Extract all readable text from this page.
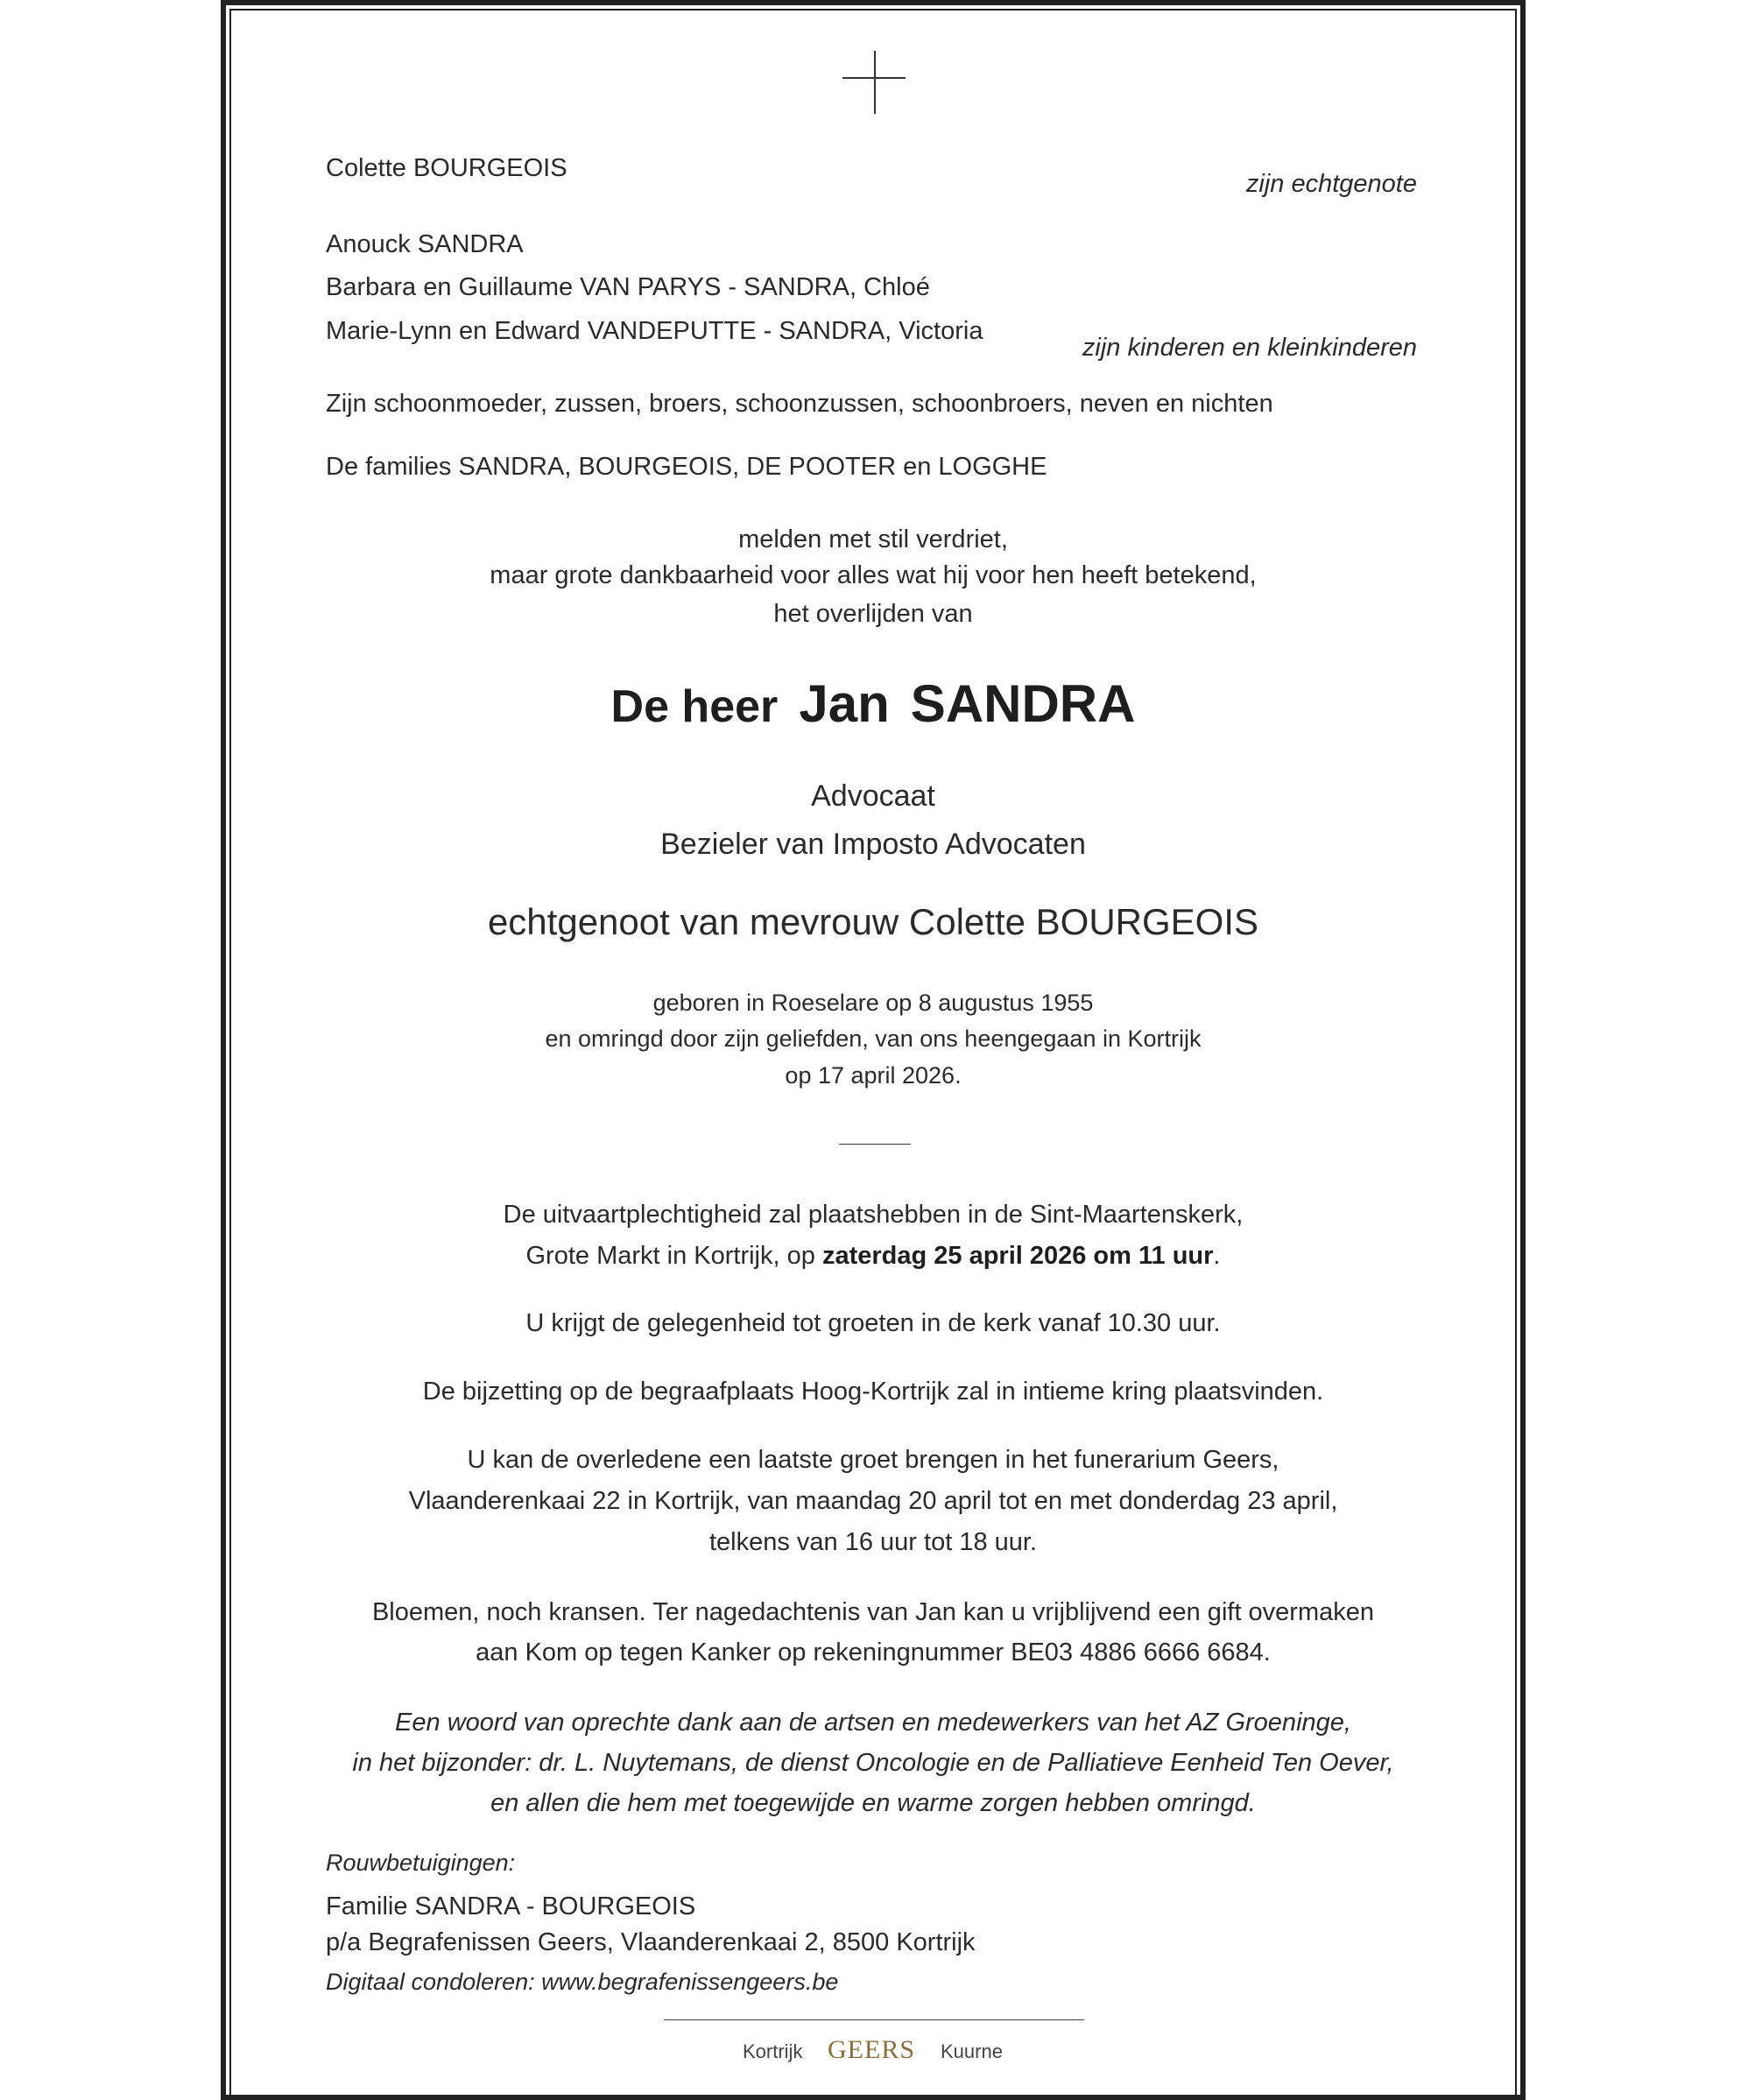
Colette BOURGEOIS
zijn echtgenote
Anouck SANDRA
Barbara en Guillaume VAN PARYS - SANDRA, Chloé
Marie-Lynn en Edward VANDEPUTTE - SANDRA, Victoria
zijn kinderen en kleinkinderen
Zijn schoonmoeder, zussen, broers, schoonzussen, schoonbroers, neven en nichten
De families SANDRA, BOURGEOIS, DE POOTER en LOGGHE
melden met stil verdriet,
maar grote dankbaarheid voor alles wat hij voor hen heeft betekend,
het overlijden van
De heer Jan SANDRA
Advocaat
Bezieler van Imposto Advocaten
echtgenoot van mevrouw Colette BOURGEOIS
geboren in Roeselare op 8 augustus 1955
en omringd door zijn geliefden, van ons heengegaan in Kortrijk
op 17 april 2026.
De uitvaartplechtigheid zal plaatshebben in de Sint-Maartenskerk,
Grote Markt in Kortrijk, op zaterdag 25 april 2026 om 11 uur.
U krijgt de gelegenheid tot groeten in de kerk vanaf 10.30 uur.
De bijzetting op de begraafplaats Hoog-Kortrijk zal in intieme kring plaatsvinden.
U kan de overledene een laatste groet brengen in het funerarium Geers,
Vlaanderenkaai 22 in Kortrijk, van maandag 20 april tot en met donderdag 23 april,
telkens van 16 uur tot 18 uur.
Bloemen, noch kransen. Ter nagedachtenis van Jan kan u vrijblijvend een gift overmaken
aan Kom op tegen Kanker op rekeningnummer BE03 4886 6666 6684.
Een woord van oprechte dank aan de artsen en medewerkers van het AZ Groeninge,
in het bijzonder: dr. L. Nuytemans, de dienst Oncologie en de Palliatieve Eenheid Ten Oever,
en allen die hem met toegewijde en warme zorgen hebben omringd.
Rouwbetuigingen:
Familie SANDRA - BOURGEOIS
p/a Begrafenissen Geers, Vlaanderenkaai 2, 8500 Kortrijk
Digitaal condoleren: www.begrafenissengeers.be
Kortrijk GEERS Kuurne
